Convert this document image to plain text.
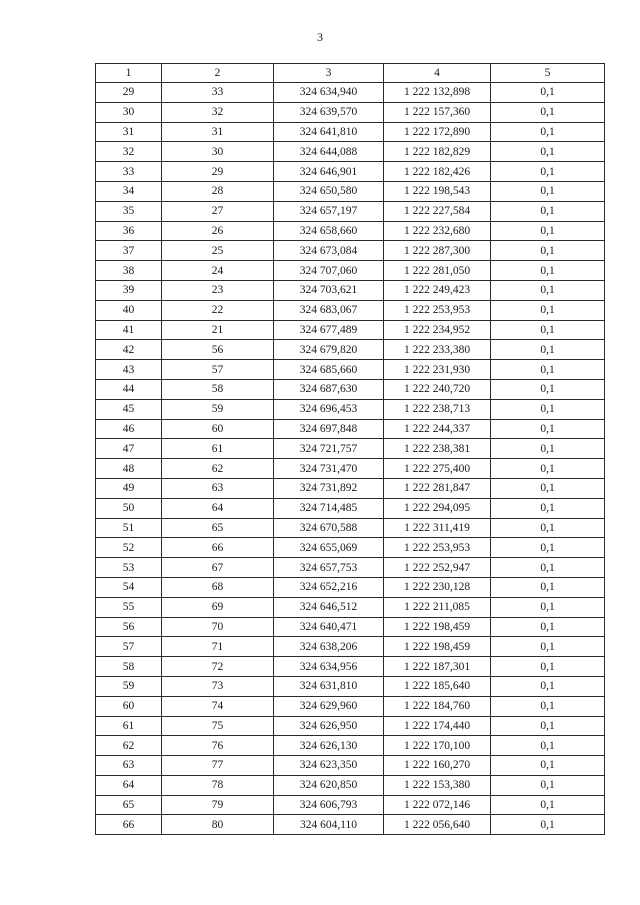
3
1	2	3	4	5
29	33	324 634,940	1 222 132,898	0,1
30	32	324 639,570	1 222 157,360	0,1
31	31	324 641,810	1 222 172,890	0,1
32	30	324 644,088	1 222 182,829	0,1
33	29	324 646,901	1 222 182,426	0,1
34	28	324 650,580	1 222 198,543	0,1
35	27	324 657,197	1 222 227,584	0,1
36	26	324 658,660	1 222 232,680	0,1
37	25	324 673,084	1 222 287,300	0,1
38	24	324 707,060	1 222 281,050	0,1
39	23	324 703,621	1 222 249,423	0,1
40	22	324 683,067	1 222 253,953	0,1
41	21	324 677,489	1 222 234,952	0,1
42	56	324 679,820	1 222 233,380	0,1
43	57	324 685,660	1 222 231,930	0,1
44	58	324 687,630	1 222 240,720	0,1
45	59	324 696,453	1 222 238,713	0,1
46	60	324 697,848	1 222 244,337	0,1
47	61	324 721,757	1 222 238,381	0,1
48	62	324 731,470	1 222 275,400	0,1
49	63	324 731,892	1 222 281,847	0,1
50	64	324 714,485	1 222 294,095	0,1
51	65	324 670,588	1 222 311,419	0,1
52	66	324 655,069	1 222 253,953	0,1
53	67	324 657,753	1 222 252,947	0,1
54	68	324 652,216	1 222 230,128	0,1
55	69	324 646,512	1 222 211,085	0,1
56	70	324 640,471	1 222 198,459	0,1
57	71	324 638,206	1 222 198,459	0,1
58	72	324 634,956	1 222 187,301	0,1
59	73	324 631,810	1 222 185,640	0,1
60	74	324 629,960	1 222 184,760	0,1
61	75	324 626,950	1 222 174,440	0,1
62	76	324 626,130	1 222 170,100	0,1
63	77	324 623,350	1 222 160,270	0,1
64	78	324 620,850	1 222 153,380	0,1
65	79	324 606,793	1 222 072,146	0,1
66	80	324 604,110	1 222 056,640	0,1
